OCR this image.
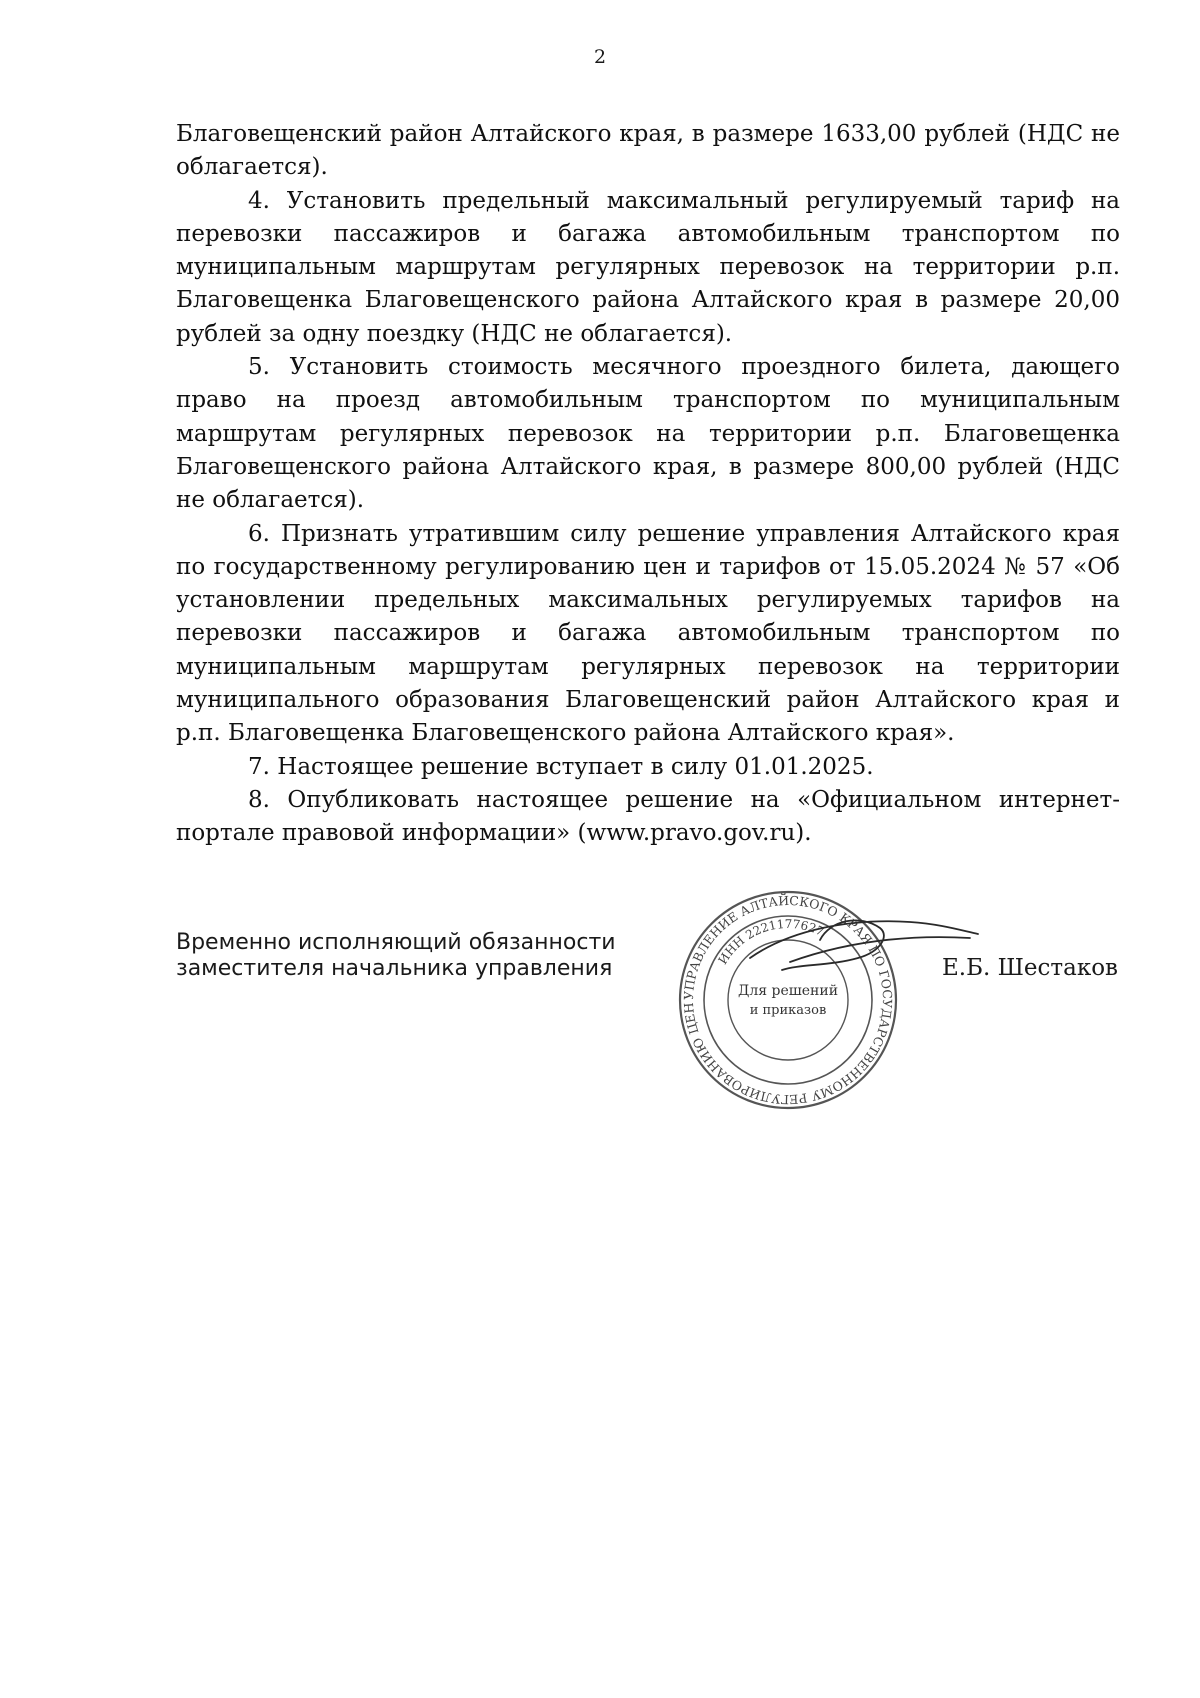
2

Благовещенский район Алтайского края, в размере 1633,00 рублей (НДС не облагается).

4. Установить предельный максимальный регулируемый тариф на перевозки пассажиров и багажа автомобильным транспортом по муниципальным маршрутам регулярных перевозок на территории р.п. Благовещенка Благовещенского района Алтайского края в размере 20,00 рублей за одну поездку (НДС не облагается).

5. Установить стоимость месячного проездного билета, дающего право на проезд автомобильным транспортом по муниципальным маршрутам регулярных перевозок на территории р.п. Благовещенка Благовещенского района Алтайского края, в размере 800,00 рублей (НДС не облагается).

6. Признать утратившим силу решение управления Алтайского края по государственному регулированию цен и тарифов от 15.05.2024 № 57 «Об установлении предельных максимальных регулируемых тарифов на перевозки пассажиров и багажа автомобильным транспортом по муниципальным маршрутам регулярных перевозок на территории муниципального образования Благовещенский район Алтайского края и р.п. Благовещенка Благовещенского района Алтайского края».

7. Настоящее решение вступает в силу 01.01.2025.

8. Опубликовать настоящее решение на «Официальном интернет-портале правовой информации» (www.pravo.gov.ru).

Временно исполняющий обязанности
заместителя начальника управления
УПРАВЛЕНИЕ АЛТАЙСКОГО КРАЯ ПО ГОСУДАРСТВЕННОМУ РЕГУЛИРОВАНИЮ ЦЕН
ИНН 2221177627
Для решений
и приказов
Е.Б. Шестаков
